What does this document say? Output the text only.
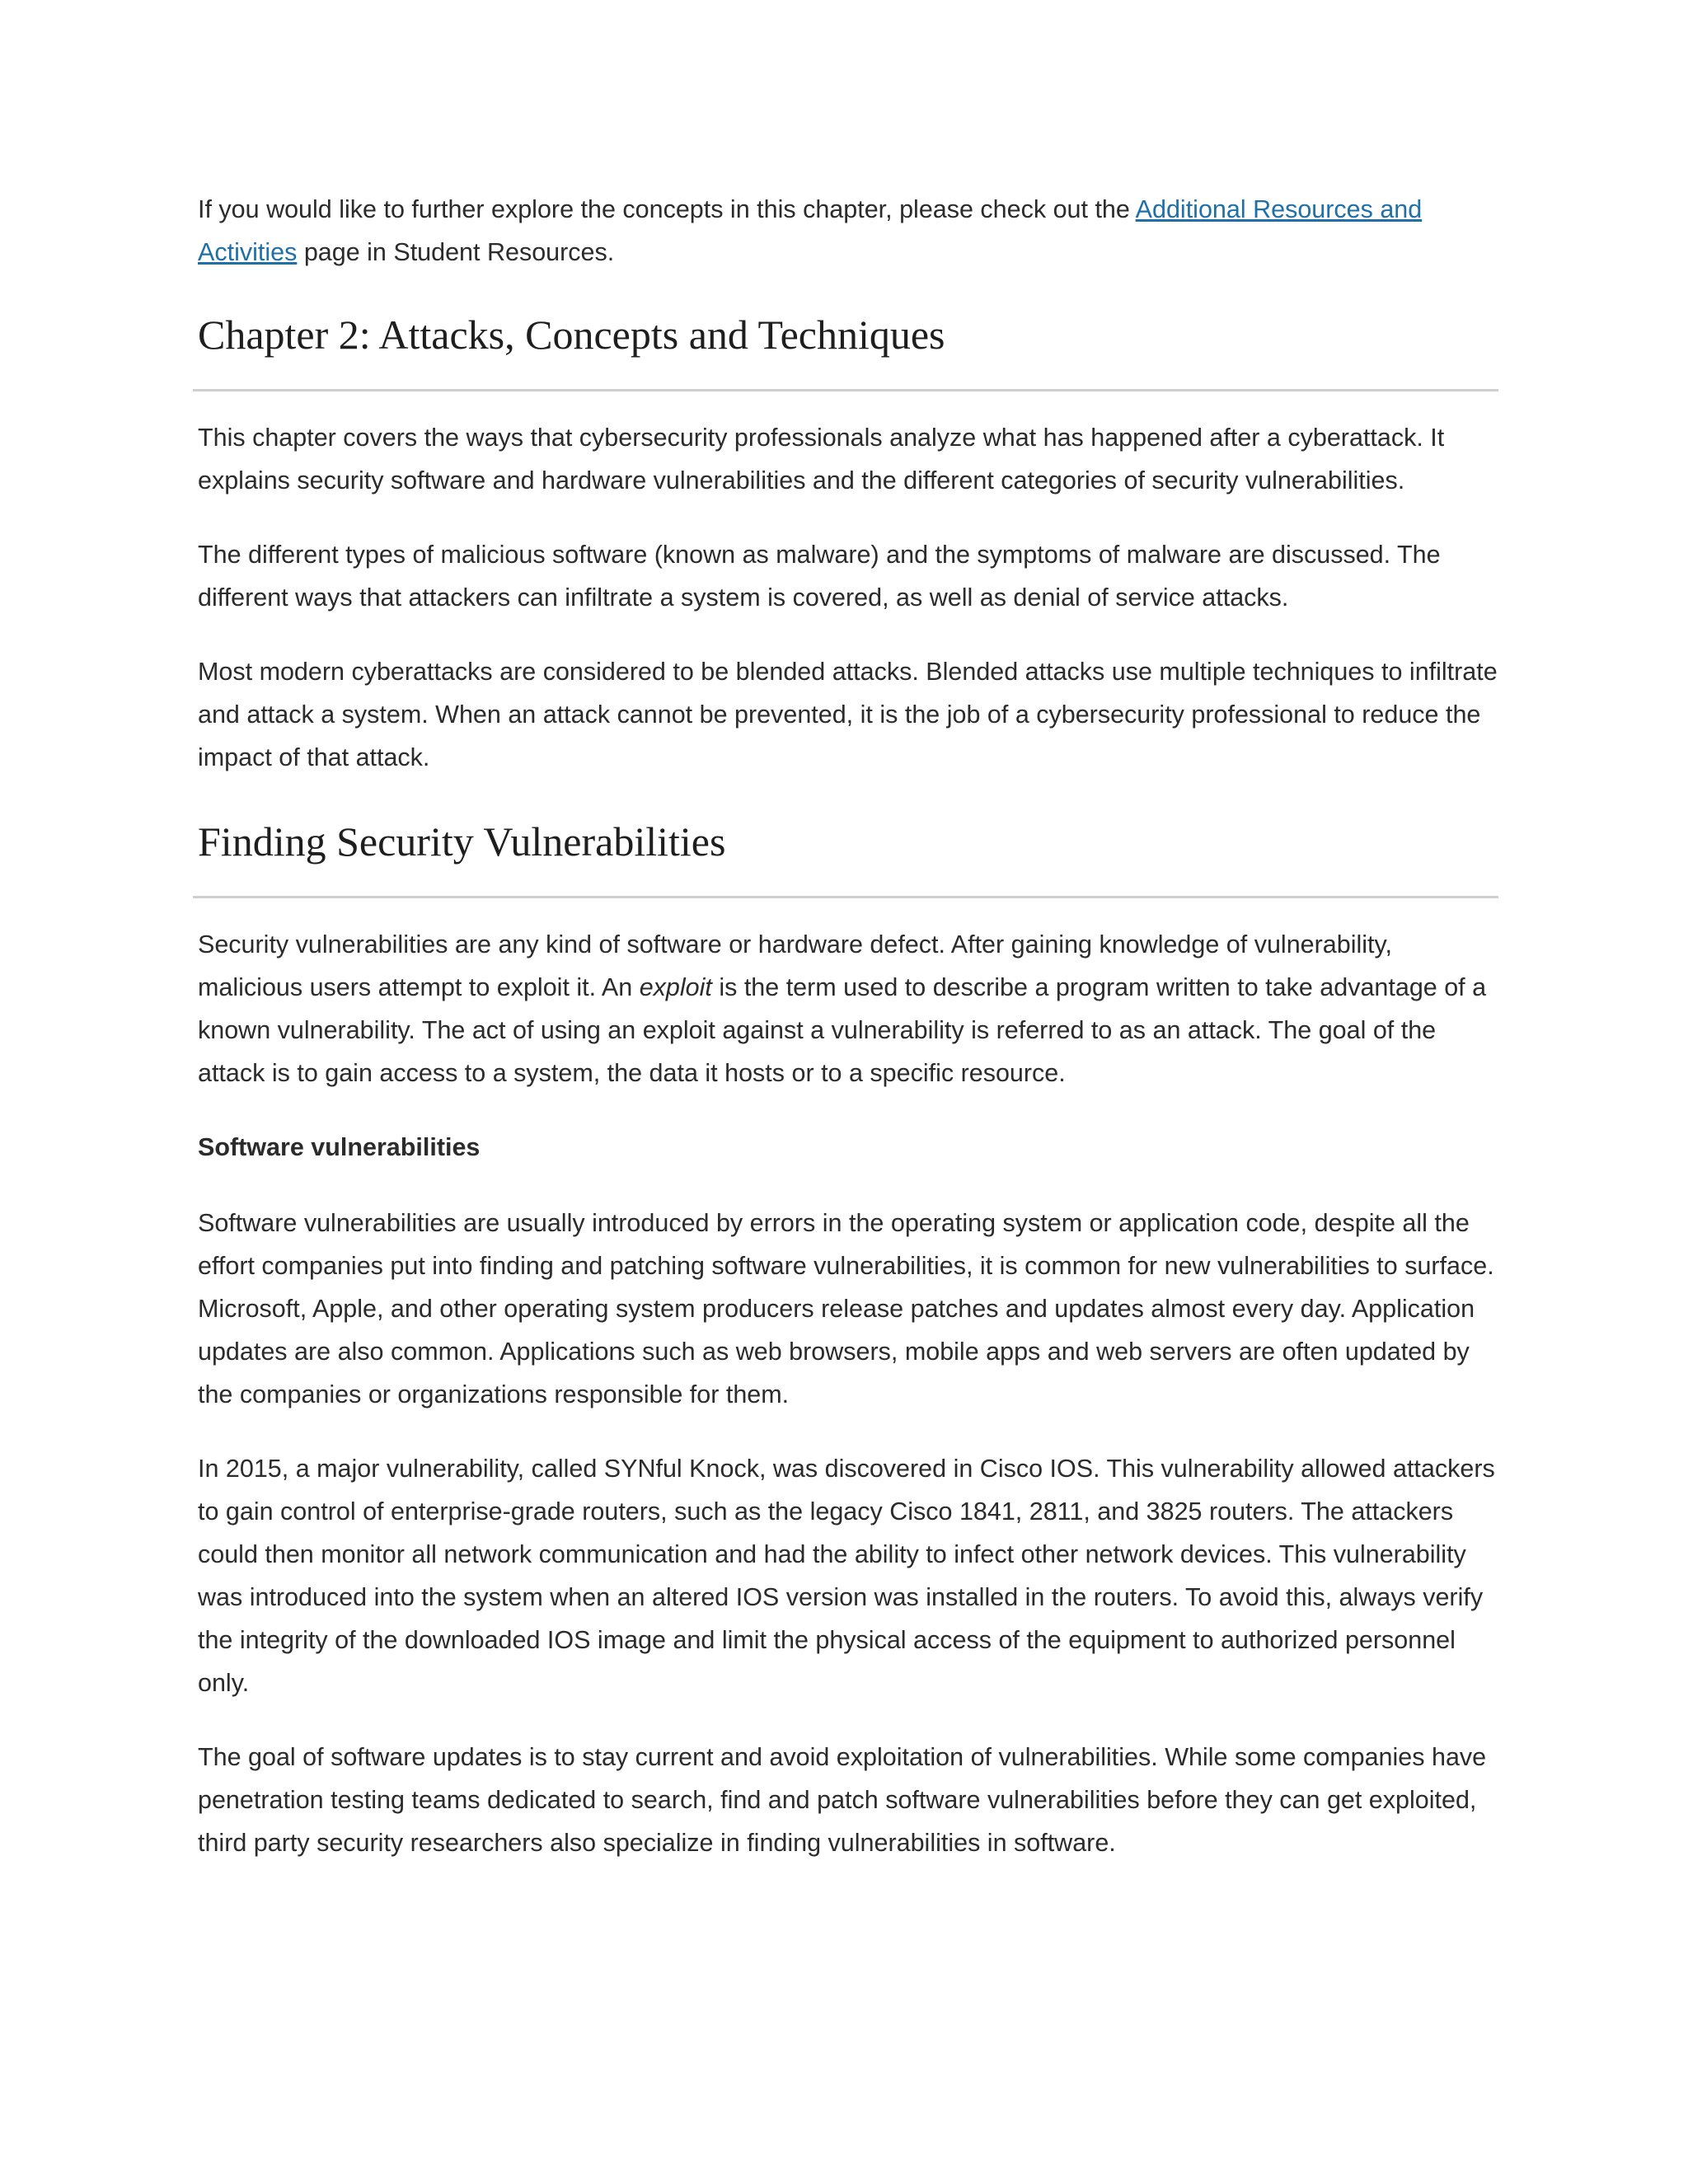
If you would like to further explore the concepts in this chapter, please check out the Additional Resources and Activities page in Student Resources.

Chapter 2: Attacks, Concepts and Techniques

This chapter covers the ways that cybersecurity professionals analyze what has happened after a cyberattack. It explains security software and hardware vulnerabilities and the different categories of security vulnerabilities.

The different types of malicious software (known as malware) and the symptoms of malware are discussed. The different ways that attackers can infiltrate a system is covered, as well as denial of service attacks.

Most modern cyberattacks are considered to be blended attacks. Blended attacks use multiple techniques to infiltrate and attack a system. When an attack cannot be prevented, it is the job of a cybersecurity professional to reduce the impact of that attack.

Finding Security Vulnerabilities

Security vulnerabilities are any kind of software or hardware defect. After gaining knowledge of vulnerability, malicious users attempt to exploit it. An exploit is the term used to describe a program written to take advantage of a known vulnerability. The act of using an exploit against a vulnerability is referred to as an attack. The goal of the attack is to gain access to a system, the data it hosts or to a specific resource.

Software vulnerabilities

Software vulnerabilities are usually introduced by errors in the operating system or application code, despite all the effort companies put into finding and patching software vulnerabilities, it is common for new vulnerabilities to surface. Microsoft, Apple, and other operating system producers release patches and updates almost every day. Application updates are also common. Applications such as web browsers, mobile apps and web servers are often updated by the companies or organizations responsible for them.

In 2015, a major vulnerability, called SYNful Knock, was discovered in Cisco IOS. This vulnerability allowed attackers to gain control of enterprise-grade routers, such as the legacy Cisco 1841, 2811, and 3825 routers. The attackers could then monitor all network communication and had the ability to infect other network devices. This vulnerability was introduced into the system when an altered IOS version was installed in the routers. To avoid this, always verify the integrity of the downloaded IOS image and limit the physical access of the equipment to authorized personnel only.

The goal of software updates is to stay current and avoid exploitation of vulnerabilities. While some companies have penetration testing teams dedicated to search, find and patch software vulnerabilities before they can get exploited, third party security researchers also specialize in finding vulnerabilities in software.
